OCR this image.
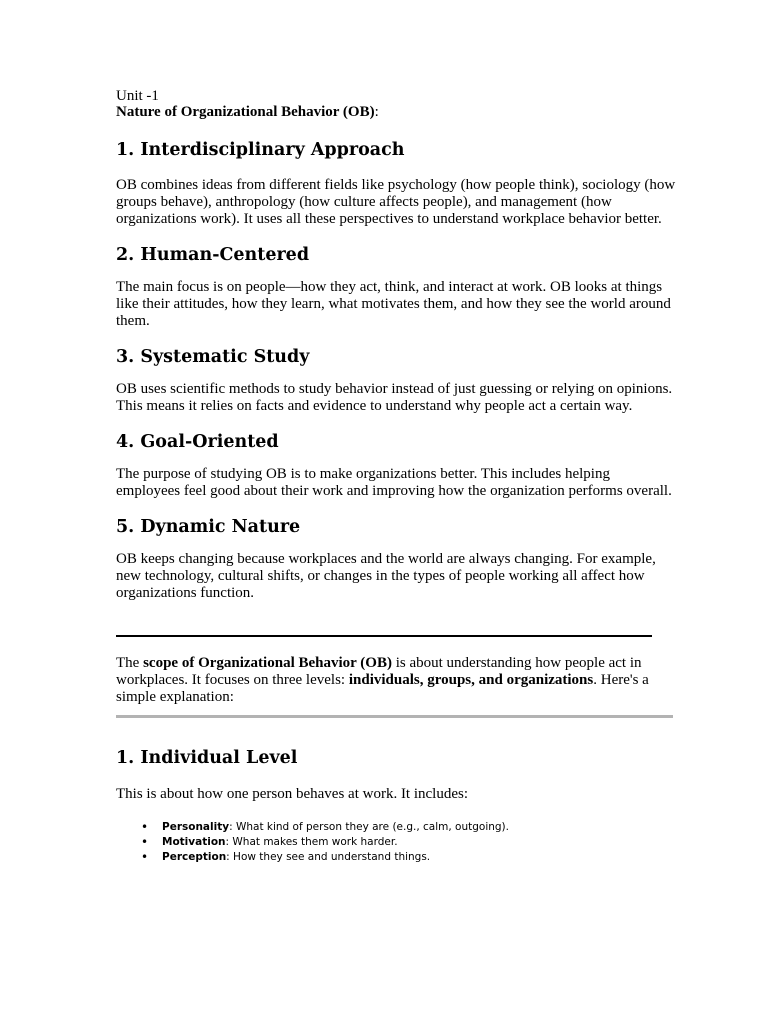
Unit -1
Nature of Organizational Behavior (OB):
1. Interdisciplinary Approach

OB combines ideas from different fields like psychology (how people think), sociology (how groups behave), anthropology (how culture affects people), and management (how organizations work). It uses all these perspectives to understand workplace behavior better.

2. Human-Centered

The main focus is on people—how they act, think, and interact at work. OB looks at things like their attitudes, how they learn, what motivates them, and how they see the world around them.

3. Systematic Study

OB uses scientific methods to study behavior instead of just guessing or relying on opinions. This means it relies on facts and evidence to understand why people act a certain way.

4. Goal-Oriented

The purpose of studying OB is to make organizations better. This includes helping employees feel good about their work and improving how the organization performs overall.

5. Dynamic Nature

OB keeps changing because workplaces and the world are always changing. For example, new technology, cultural shifts, or changes in the types of people working all affect how organizations function.

The scope of Organizational Behavior (OB) is about understanding how people act in workplaces. It focuses on three levels: individuals, groups, and organizations. Here's a simple explanation:

1. Individual Level

This is about how one person behaves at work. It includes:

• Personality: What kind of person they are (e.g., calm, outgoing).
• Motivation: What makes them work harder.
• Perception: How they see and understand things.
